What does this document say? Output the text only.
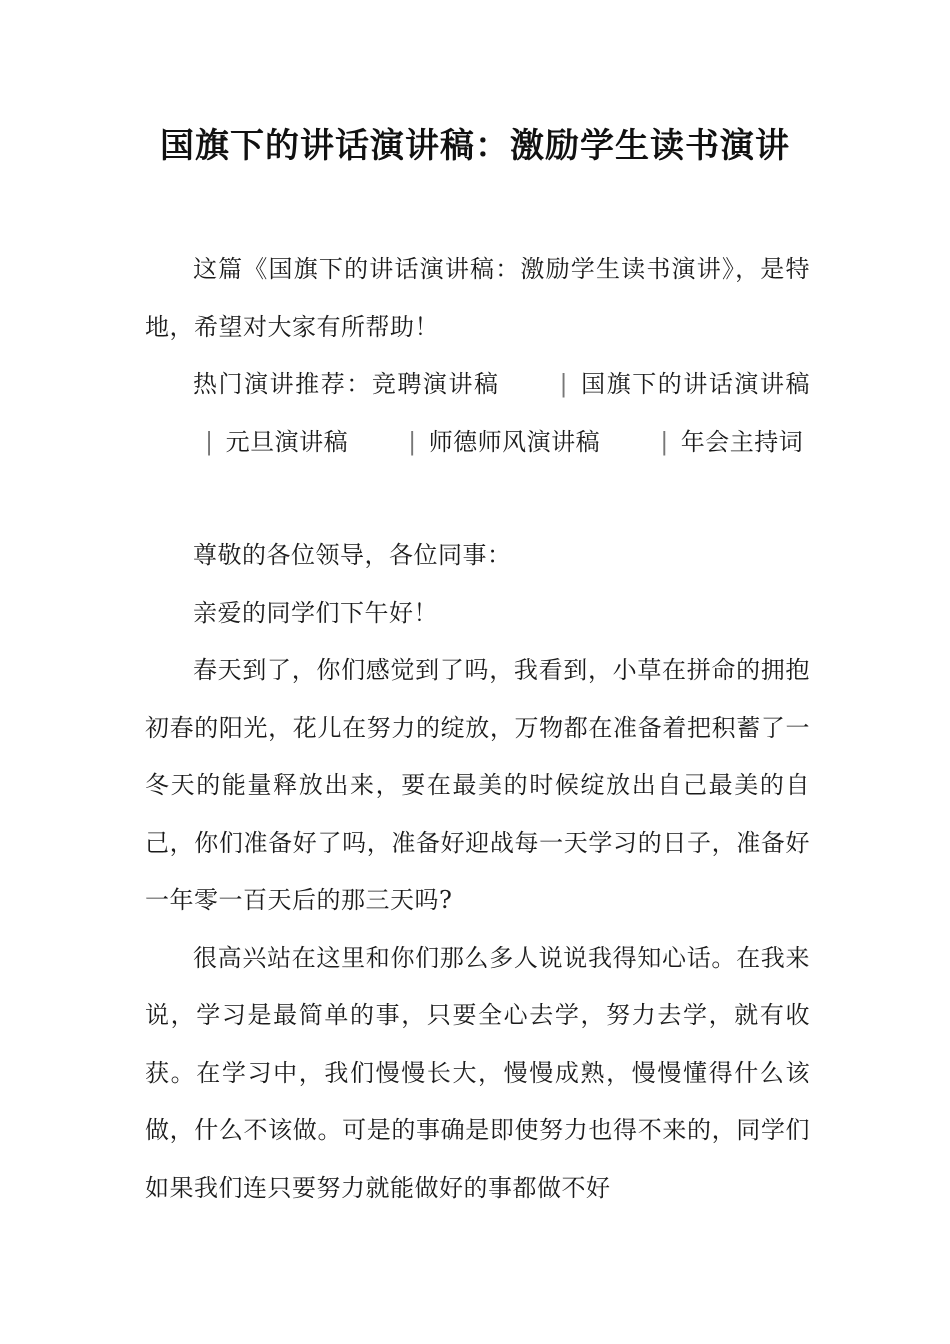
国旗下的讲话演讲稿：激励学生读书演讲

这篇《国旗下的讲话演讲稿：激励学生读书演讲》，是特地，希望对大家有所帮助！

热门演讲推荐：竞聘演讲稿	| 国旗下的讲话演讲稿| 元旦演讲稿	| 师德师风演讲稿	| 年会主持词

尊敬的各位领导，各位同事：

亲爱的同学们下午好！

春天到了，你们感觉到了吗，我看到，小草在拼命的拥抱初春的阳光，花儿在努力的绽放，万物都在准备着把积蓄了一冬天的能量释放出来，要在最美的时候绽放出自己最美的自己，你们准备好了吗，准备好迎战每一天学习的日子，准备好一年零一百天后的那三天吗?

很高兴站在这里和你们那么多人说说我得知心话。在我来说，学习是最简单的事，只要全心去学，努力去学，就有收获。在学习中，我们慢慢长大，慢慢成熟，慢慢懂得什么该做，什么不该做。可是的事确是即使努力也得不来的，同学们如果我们连只要努力就能做好的事都做不好
